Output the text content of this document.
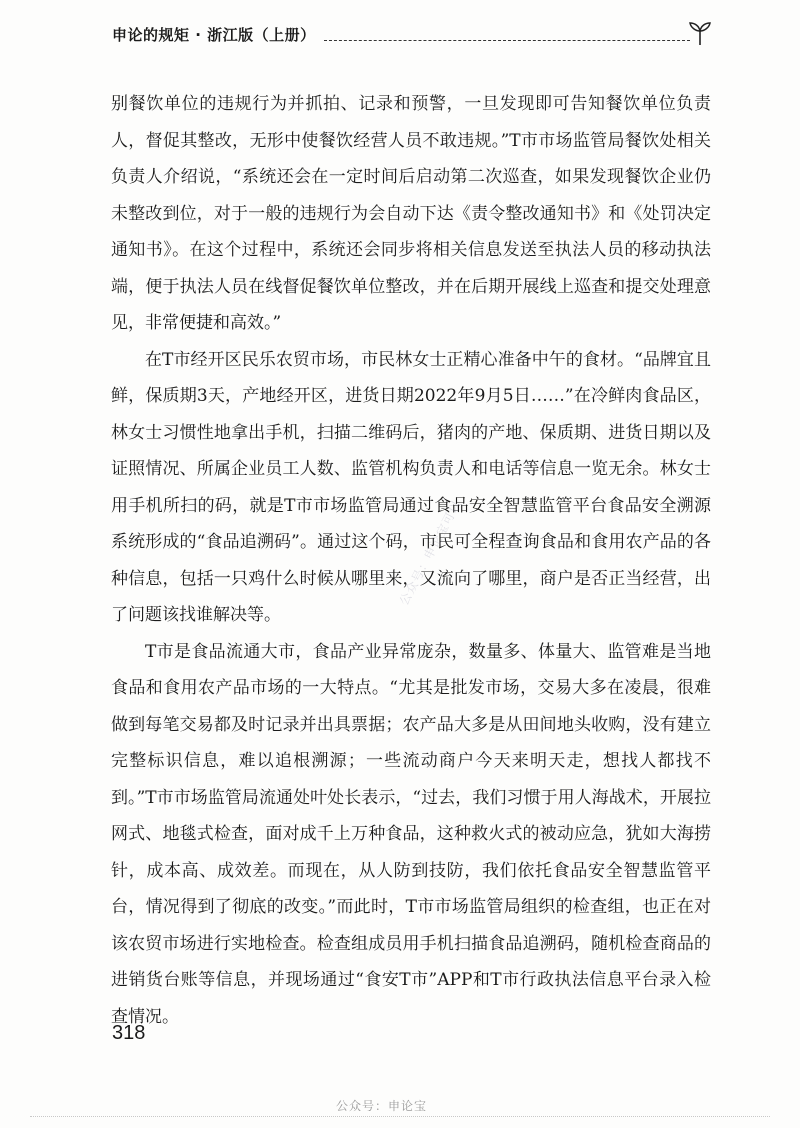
申论的规矩 · 浙江版（上册）

别餐饮单位的违规行为并抓拍、记录和预警，一旦发现即可告知餐饮单位负责人，督促其整改，无形中使餐饮经营人员不敢违规。”T市市场监管局餐饮处相关负责人介绍说，“系统还会在一定时间后启动第二次巡查，如果发现餐饮企业仍未整改到位，对于一般的违规行为会自动下达《责令整改通知书》和《处罚决定通知书》。在这个过程中，系统还会同步将相关信息发送至执法人员的移动执法端，便于执法人员在线督促餐饮单位整改，并在后期开展线上巡查和提交处理意见，非常便捷和高效。”

在T市经开区民乐农贸市场，市民林女士正精心准备中午的食材。“品牌宜且鲜，保质期3天，产地经开区，进货日期2022年9月5日……”在冷鲜肉食品区，林女士习惯性地拿出手机，扫描二维码后，猪肉的产地、保质期、进货日期以及证照情况、所属企业员工人数、监管机构负责人和电话等信息一览无余。林女士用手机所扫的码，就是T市市场监管局通过食品安全智慧监管平台食品安全溯源系统形成的“食品追溯码”。通过这个码，市民可全程查询食品和食用农产品的各种信息，包括一只鸡什么时候从哪里来，又流向了哪里，商户是否正当经营，出了问题该找谁解决等。

T市是食品流通大市，食品产业异常庞杂，数量多、体量大、监管难是当地食品和食用农产品市场的一大特点。“尤其是批发市场，交易大多在凌晨，很难做到每笔交易都及时记录并出具票据；农产品大多是从田间地头收购，没有建立完整标识信息，难以追根溯源；一些流动商户今天来明天走，想找人都找不到。”T市市场监管局流通处叶处长表示，“过去，我们习惯于用人海战术，开展拉网式、地毯式检查，面对成千上万种食品，这种救火式的被动应急，犹如大海捞针，成本高、成效差。而现在，从人防到技防，我们依托食品安全智慧监管平台，情况得到了彻底的改变。”而此时，T市市场监管局组织的检查组，也正在对该农贸市场进行实地检查。检查组成员用手机扫描食品追溯码，随机检查商品的进销货台账等信息，并现场通过“食安T市”APP和T市行政执法信息平台录入检查情况。

公众号：申论宝可以
318
公众号：申论宝
